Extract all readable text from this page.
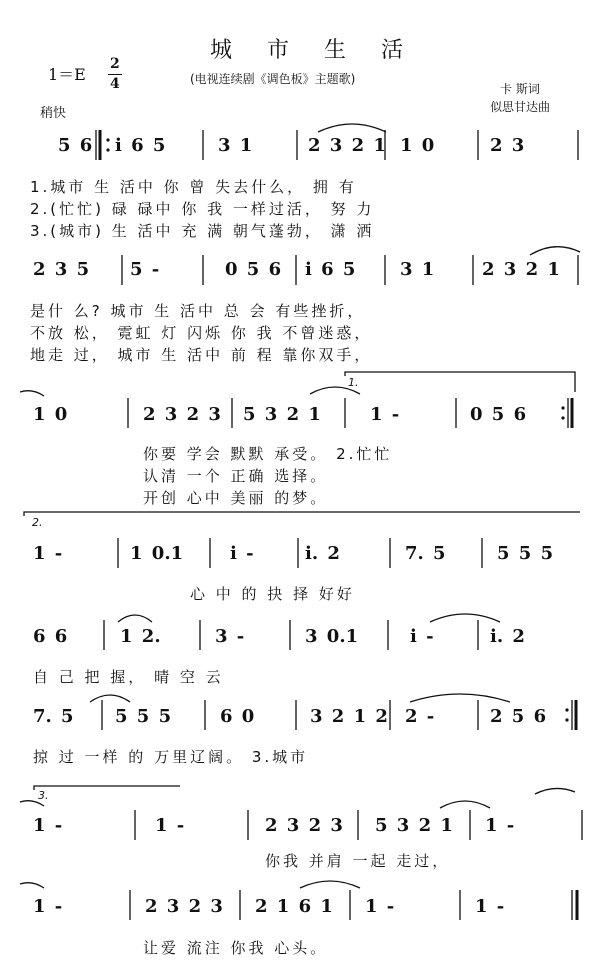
城 市 生 活
1＝E
2
4	(电视连续剧《调色板》主题歌)
卡 斯词
似思甘达曲
稍快
5 6 i 6 5	3 1	2 3 2 1 1 0	2 3
1.城市 生 活中 你 曾 失去什么， 拥 有
2.(忙忙) 碌 碌中 你 我 一样过活， 努 力
3.(城市) 生 活中 充 满 朝气蓬勃， 潇 洒
2 3 5 5 -	0 5 6 i 6 5 3 1	2 3 2 1
是什 么? 城市 生 活中 总 会 有些挫折，
不放 松， 霓虹 灯 闪烁 你 我 不曾迷惑，
地走 过， 城市 生 活中 前 程 靠你双手，
1.
1 0	2 3 2 3 5 3 2 1	1 -	0 5 6
你要 学会 默默 承受。 2.忙忙
认清 一个 正确 选择。
开创 心中 美丽 的梦。
2.
1 -	1 0.1	i -	i. 2	7. 5	5 5 5
心 中 的 抉 择 好好
6 6	1 2.	3 -	3 0.1	i -	i. 2
自 己 把 握， 晴 空 云
7. 5 5 5 5	6 0	3 2 1 2 2 -	2 5 6
掠 过 一样 的 万里辽阔。 3.城市
3.
1 -	1 -	2 3 2 3 5 3 2 1 1 -
你我 并肩 一起 走过，
1 -	2 3 2 3 2 1 6 1 1 -	1 -
让爱 流注 你我 心头。
